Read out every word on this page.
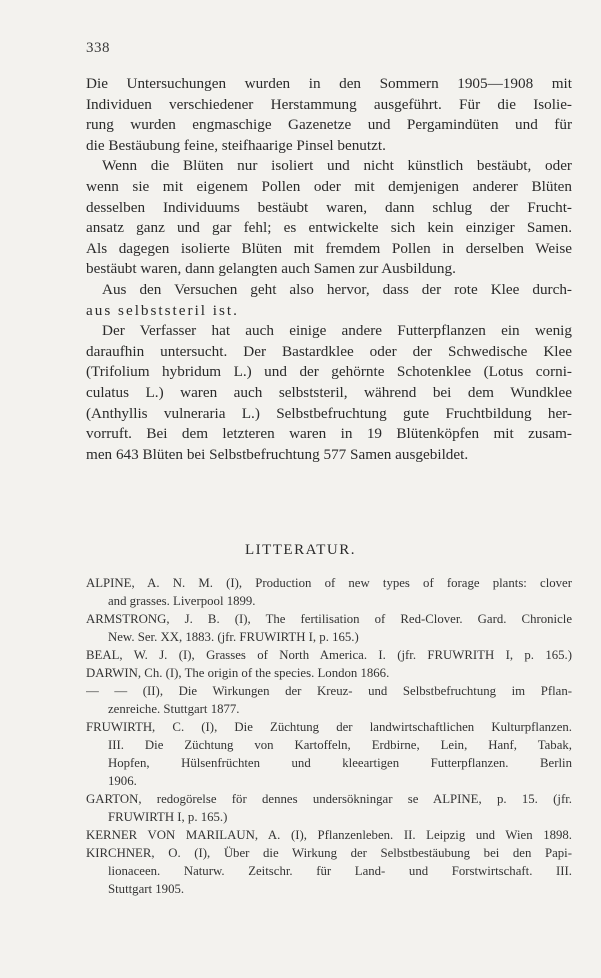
338
Die Untersuchungen wurden in den Sommern 1905—1908 mit
Individuen verschiedener Herstammung ausgeführt. Für die Isolie-
rung wurden engmaschige Gazenetze und Pergamindüten und für
die Bestäubung feine, steifhaarige Pinsel benutzt.
Wenn die Blüten nur isoliert und nicht künstlich bestäubt, oder
wenn sie mit eigenem Pollen oder mit demjenigen anderer Blüten
desselben Individuums bestäubt waren, dann schlug der Frucht-
ansatz ganz und gar fehl; es entwickelte sich kein einziger Samen.
Als dagegen isolierte Blüten mit fremdem Pollen in derselben Weise
bestäubt waren, dann gelangten auch Samen zur Ausbildung.
Aus den Versuchen geht also hervor, dass der rote Klee durch-
aus selbststeril ist.
Der Verfasser hat auch einige andere Futterpflanzen ein wenig
daraufhin untersucht. Der Bastardklee oder der Schwedische Klee
(Trifolium hybridum L.) und der gehörnte Schotenklee (Lotus corni-
culatus L.) waren auch selbststeril, während bei dem Wundklee
(Anthyllis vulneraria L.) Selbstbefruchtung gute Fruchtbildung her-
vorruft. Bei dem letzteren waren in 19 Blütenköpfen mit zusam-
men 643 Blüten bei Selbstbefruchtung 577 Samen ausgebildet.
LITTERATUR.
ALPINE, A. N. M. (I), Production of new types of forage plants: clover
and grasses. Liverpool 1899.
ARMSTRONG, J. B. (I), The fertilisation of Red-Clover. Gard. Chronicle
New. Ser. XX, 1883. (jfr. FRUWIRTH I, p. 165.)
BEAL, W. J. (I), Grasses of North America. I. (jfr. FRUWRITH I, p. 165.)
DARWIN, Ch. (I), The origin of the species. London 1866.
— — (II), Die Wirkungen der Kreuz- und Selbstbefruchtung im Pflan-
zenreiche. Stuttgart 1877.
FRUWIRTH, C. (I), Die Züchtung der landwirtschaftlichen Kulturpflanzen.
III. Die Züchtung von Kartoffeln, Erdbirne, Lein, Hanf, Tabak,
Hopfen, Hülsenfrüchten und kleeartigen Futterpflanzen. Berlin
1906.
GARTON, redogörelse för dennes undersökningar se ALPINE, p. 15. (jfr.
FRUWIRTH I, p. 165.)
KERNER VON MARILAUN, A. (I), Pflanzenleben. II. Leipzig und Wien 1898.
KIRCHNER, O. (I), Über die Wirkung der Selbstbestäubung bei den Papi-
lionaceen. Naturw. Zeitschr. für Land- und Forstwirtschaft. III.
Stuttgart 1905.
